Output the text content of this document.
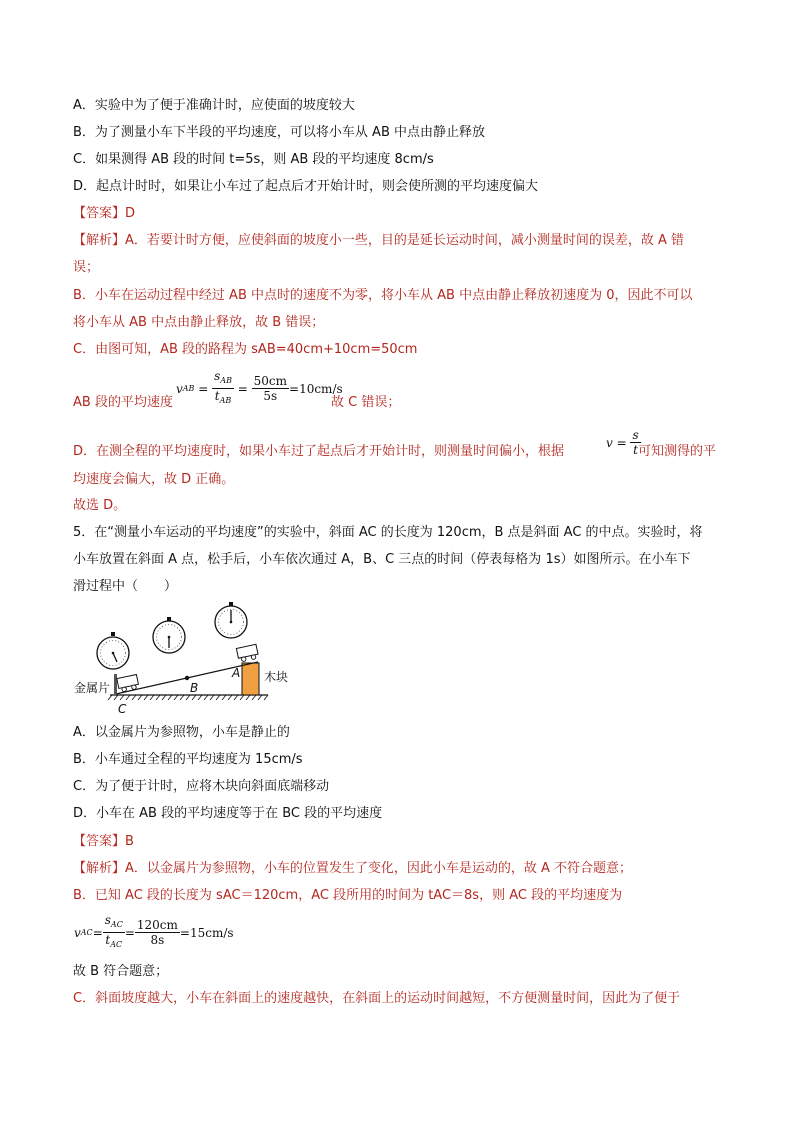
A．实验中为了便于准确计时，应使面的坡度较大
B．为了测量小车下半段的平均速度，可以将小车从 AB 中点由静止释放
C．如果测得 AB 段的时间 t=5s，则 AB 段的平均速度 8cm/s
D．起点计时时，如果让小车过了起点后才开始计时，则会使所测的平均速度偏大
【答案】D
【解析】A．若要计时方便，应使斜面的坡度小一些，目的是延长运动时间，减小测量时间的误差，故 A 错
误；
B．小车在运动过程中经过 AB 中点时的速度不为零，将小车从 AB 中点由静止释放初速度为 0，因此不可以
将小车从 AB 中点由静止释放，故 B 错误；
C．由图可知，AB 段的路程为 sAB=40cm+10cm=50cm
v AB = $\frac{s_{AB}}{t_{AB}} = \frac{50cm}{5s} =10cm/s$
AB 段的平均速度	故 C 错误；
D．在测全程的平均速度时，如果小车过了起点后才开始计时，则测量时间偏小，根据
$v = \frac{s}{t}$
可知测得的平
均速度会偏大，故 D 正确。
故选 D。
5．在“测量小车运动的平均速度”的实验中，斜面 AC 的长度为 120cm，B 点是斜面 AC 的中点。实验时，将
小车放置在斜面 A 点，松手后，小车依次通过 A，B、C 三点的时间（停表每格为 1s）如图所示。在小车下
滑过程中（　　）
金属片
木块
A
B
C
A．以金属片为参照物，小车是静止的
B．小车通过全程的平均速度为 15cm/s
C．为了便于计时，应将木块向斜面底端移动
D．小车在 AB 段的平均速度等于在 BC 段的平均速度
【答案】B
【解析】A．以金属片为参照物，小车的位置发生了变化，因此小车是运动的，故 A 不符合题意；
B．已知 AC 段的长度为 sAC＝120cm，AC 段所用的时间为 tAC＝8s，则 AC 段的平均速度为
v AC = $\frac{s_{AC}}{t_{AC}} = \frac{120cm}{8s} =15cm/s$
故 B 符合题意；
C．斜面坡度越大，小车在斜面上的速度越快，在斜面上的运动时间越短，不方便测量时间，因此为了便于
